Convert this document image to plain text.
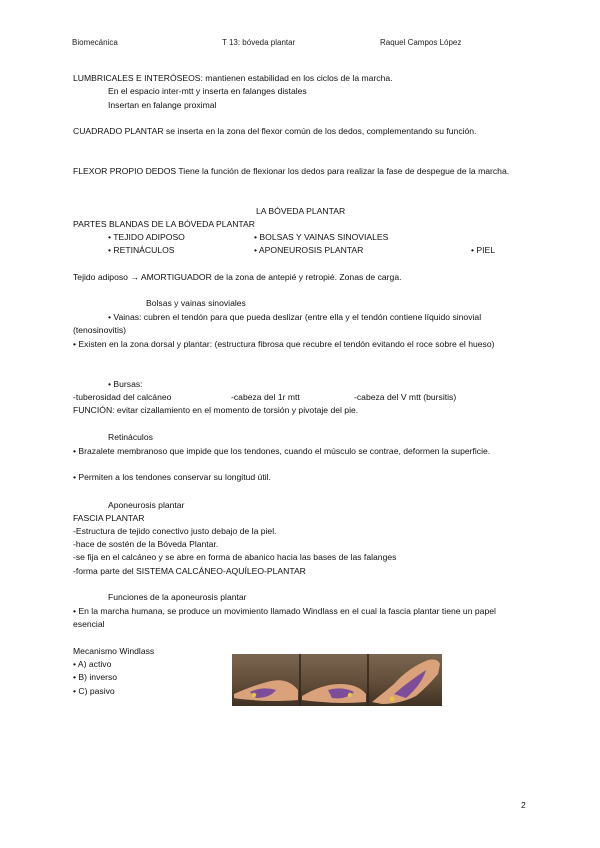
Biomecánica	T 13: bóveda plantar	Raquel Campos López
LUMBRICALES E INTERÓSEOS: mantienen estabilidad en los ciclos de la marcha.
En el espacio inter-mtt y inserta en falanges distales
Insertan en falange proximal
CUADRADO PLANTAR se inserta en la zona del flexor común de los dedos, complementando su función.
FLEXOR PROPIO DEDOS Tiene la función de flexionar los dedos para realizar la fase de despegue de la marcha.
LA BÓVEDA PLANTAR
PARTES BLANDAS DE LA BÓVEDA PLANTAR
• TEJIDO ADIPOSO	• BOLSAS Y VAINAS SINOVIALES
• RETINÁCULOS	• APONEUROSIS PLANTAR	• PIEL
Tejido adiposo → AMORTIGUADOR de la zona de antepié y retropié. Zonas de carga.
Bolsas y vainas sinoviales
• Vainas: cubren el tendón para que pueda deslizar (entre ella y el tendón contiene líquido sinovial (tenosinovitis)
• Existen en la zona dorsal y plantar: (estructura fibrosa que recubre el tendón evitando el roce sobre el hueso)
• Bursas:
-tuberosidad del calcáneo	-cabeza del 1r mtt	-cabeza del V mtt (bursitis)
FUNCIÓN: evitar cizallamiento en el momento de torsión y pivotaje del pie.
Retináculos
• Brazalete membranoso que impide que los tendones, cuando el músculo se contrae, deformen la superficie.
• Permiten a los tendones conservar su longitud útil.
Aponeurosis plantar
FASCIA PLANTAR
-Estructura de tejido conectivo justo debajo de la piel.
-hace de sostén de la Bóveda Plantar.
-se fija en el calcáneo y se abre en forma de abanico hacia las bases de las falanges
-forma parte del SISTEMA CALCÁNEO-AQUÍLEO-PLANTAR
Funciones de la aponeurosis plantar
• En la marcha humana, se produce un movimiento llamado Windlass en el cual la fascia plantar tiene un papel esencial
Mecanismo Windlass
• A) activo
• B) inverso
• C) pasivo
2
